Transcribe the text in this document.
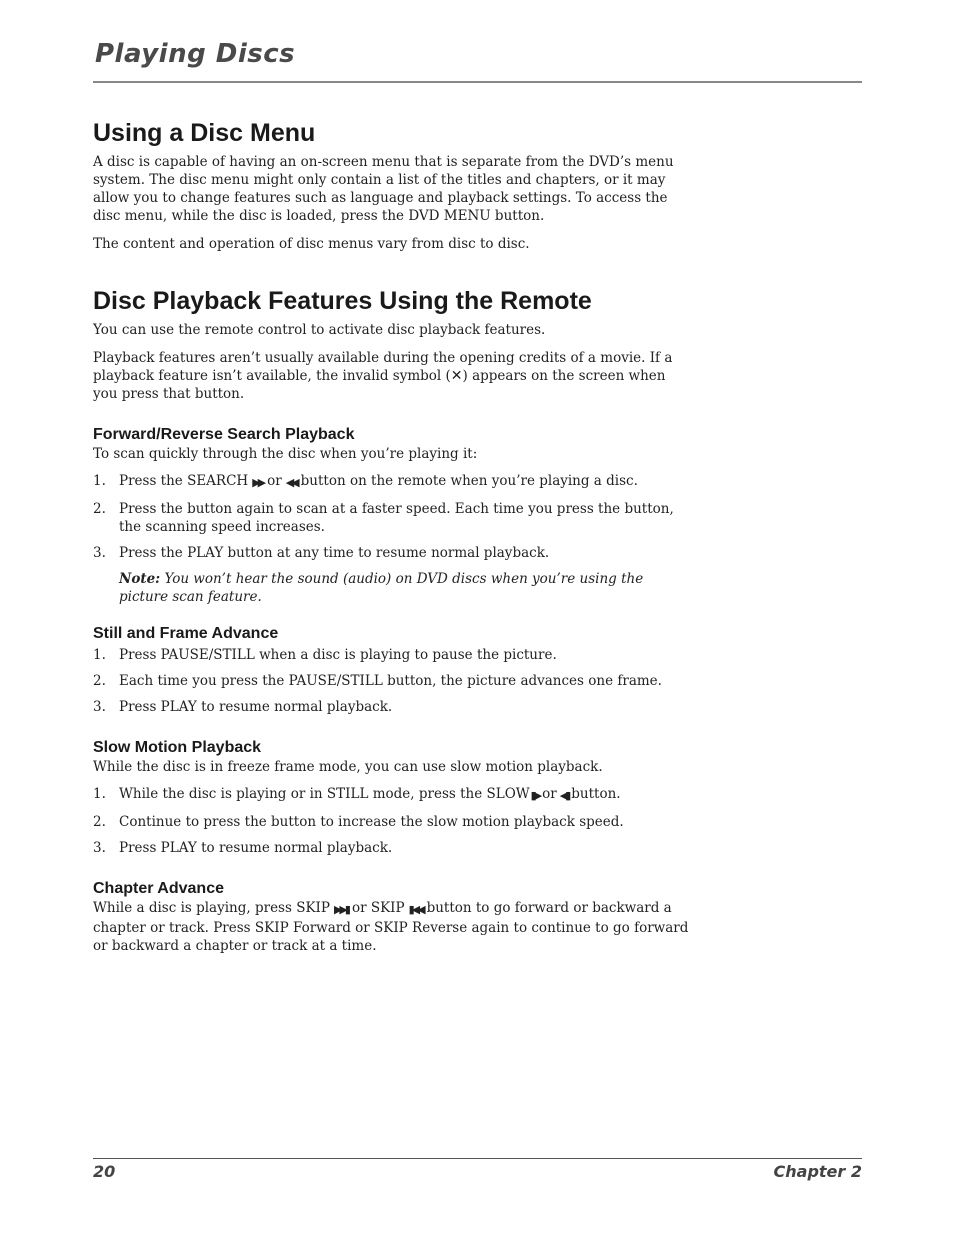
Playing Discs
Using a Disc Menu

A disc is capable of having an on-screen menu that is separate from the DVD’s menu system. The disc menu might only contain a list of the titles and chapters, or it may allow you to change features such as language and playback settings. To access the disc menu, while the disc is loaded, press the DVD MENU button.

The content and operation of disc menus vary from disc to disc.

Disc Playback Features Using the Remote

You can use the remote control to activate disc playback features.

Playback features aren’t usually available during the opening credits of a movie. If a playback feature isn’t available, the invalid symbol (✕) appears on the screen when you press that button.

Forward/Reverse Search Playback

To scan quickly through the disc when you’re playing it:

1. Press the SEARCH ▶▶ or ◀◀ button on the remote when you’re playing a disc.
2. Press the button again to scan at a faster speed. Each time you press the button, the scanning speed increases.
3. Press the PLAY button at any time to resume normal playback.

Note: You won’t hear the sound (audio) on DVD discs when you’re using the picture scan feature.

Still and Frame Advance
1. Press PAUSE/STILL when a disc is playing to pause the picture.
2. Each time you press the PAUSE/STILL button, the picture advances one frame.
3. Press PLAY to resume normal playback.
Slow Motion Playback

While the disc is in freeze frame mode, you can use slow motion playback.

1. While the disc is playing or in STILL mode, press the SLOW▮▶ or ◀▮ button.
2. Continue to press the button to increase the slow motion playback speed.
3. Press PLAY to resume normal playback.
Chapter Advance

While a disc is playing, press SKIP ▶▶▮ or SKIP ▮◀◀ button to go forward or backward a chapter or track. Press SKIP Forward or SKIP Reverse again to continue to go forward or backward a chapter or track at a time.

20	Chapter 2
